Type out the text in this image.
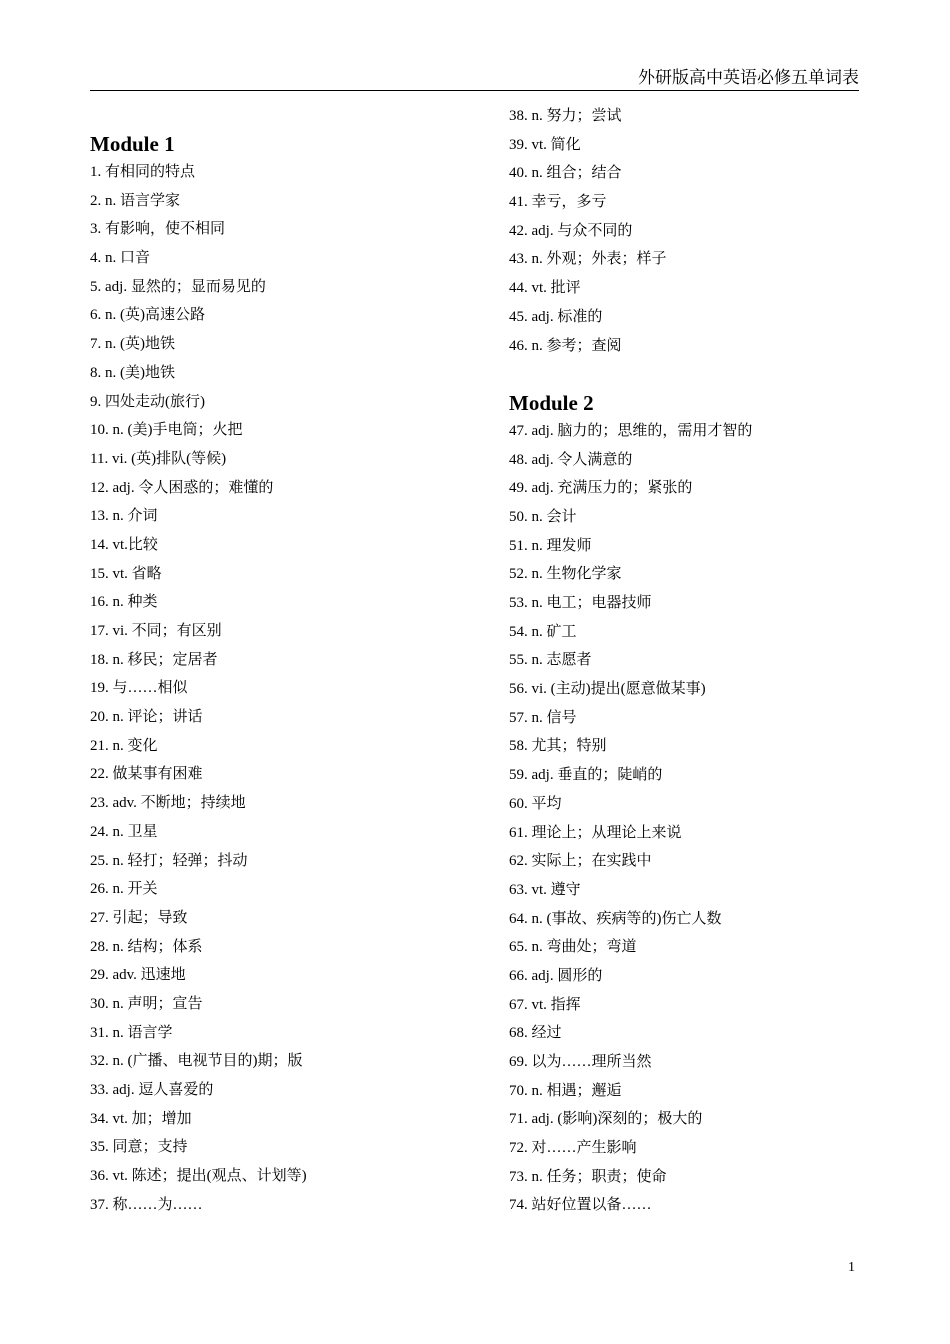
外研版高中英语必修五单词表
Module 1
1. 有相同的特点
2. n. 语言学家
3. 有影响，使不相同
4. n. 口音
5. adj. 显然的；显而易见的
6. n. (英)高速公路
7. n. (英)地铁
8. n. (美)地铁
9. 四处走动(旅行)
10. n. (美)手电筒；火把
11. vi. (英)排队(等候)
12. adj. 令人困惑的；难懂的
13. n. 介词
14. vt.比较
15. vt. 省略
16. n. 种类
17. vi. 不同；有区别
18. n. 移民；定居者
19. 与……相似
20. n. 评论；讲话
21. n. 变化
22. 做某事有困难
23. adv. 不断地；持续地
24. n. 卫星
25. n. 轻打；轻弹；抖动
26. n. 开关
27. 引起；导致
28. n. 结构；体系
29. adv. 迅速地
30. n. 声明；宣告
31. n. 语言学
32. n. (广播、电视节目的)期；版
33. adj. 逗人喜爱的
34. vt. 加；增加
35. 同意；支持
36. vt. 陈述；提出(观点、计划等)
37. 称……为……
38. n. 努力；尝试
39. vt. 简化
40. n. 组合；结合
41. 幸亏，多亏
42. adj. 与众不同的
43. n. 外观；外表；样子
44. vt. 批评
45. adj. 标准的
46. n. 参考；查阅
Module 2
47. adj. 脑力的；思维的，需用才智的
48. adj. 令人满意的
49. adj. 充满压力的；紧张的
50. n. 会计
51. n. 理发师
52. n. 生物化学家
53. n. 电工；电器技师
54. n. 矿工
55. n. 志愿者
56. vi. (主动)提出(愿意做某事)
57. n. 信号
58. 尤其；特别
59. adj. 垂直的；陡峭的
60. 平均
61. 理论上；从理论上来说
62. 实际上；在实践中
63. vt. 遵守
64. n. (事故、疾病等的)伤亡人数
65. n. 弯曲处；弯道
66. adj. 圆形的
67. vt. 指挥
68. 经过
69. 以为……理所当然
70. n. 相遇；邂逅
71. adj. (影响)深刻的；极大的
72. 对……产生影响
73. n. 任务；职责；使命
74. 站好位置以备……
1
